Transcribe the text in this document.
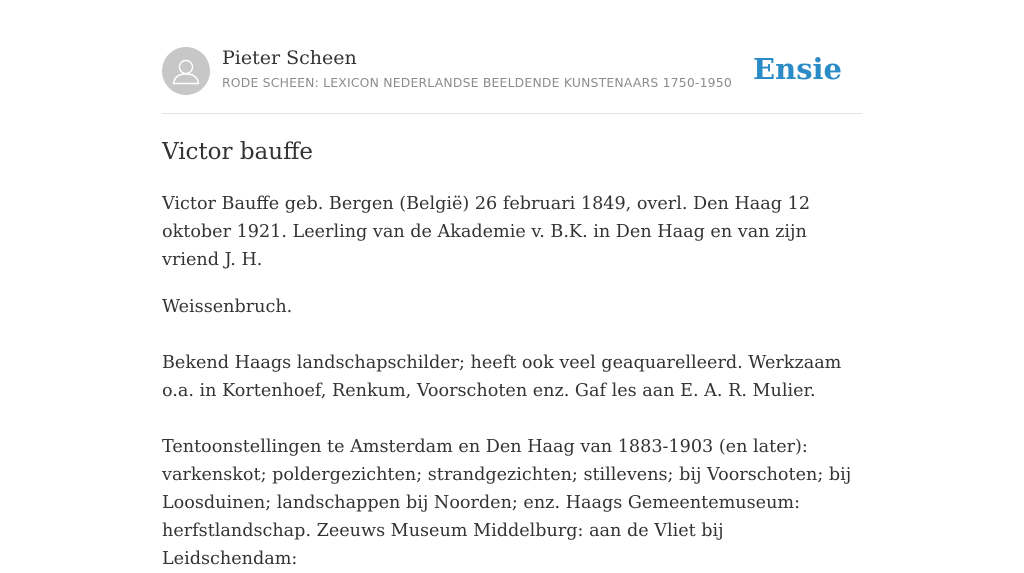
Pieter Scheen
RODE SCHEEN: LEXICON NEDERLANDSE BEELDENDE KUNSTENAARS 1750-1950 Ensie
Victor bauffe

Victor Bauffe geb. Bergen (België) 26 februari 1849, overl. Den Haag 12 oktober 1921. Leerling van de Akademie v. B.K. in Den Haag en van zijn vriend J. H.

Weissenbruch.

Bekend Haags landschapschilder; heeft ook veel geaquarelleerd. Werkzaam o.a. in Kortenhoef, Renkum, Voorschoten enz. Gaf les aan E. A. R. Mulier.

Tentoonstellingen te Amsterdam en Den Haag van 1883-1903 (en later): varkenskot; poldergezichten; strandgezichten; stillevens; bij Voorschoten; bij Loosduinen; landschappen bij Noorden; enz. Haags Gemeentemuseum: herfstlandschap. Zeeuws Museum Middelburg: aan de Vliet bij Leidschendam:
